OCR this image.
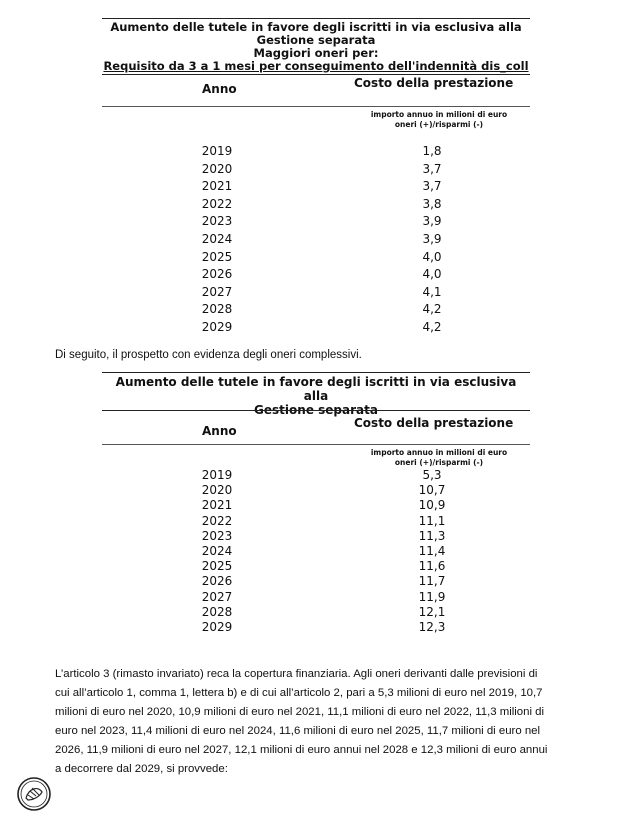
Aumento delle tutele in favore degli iscritti in via esclusiva alla
Gestione separata
Maggiori oneri per:
Requisito da 3 a 1 mesi per conseguimento dell'indennità dis_coll
Anno	Costo della prestazione
importo annuo in milioni di euro
oneri (+)/risparmi (-)
2019	1,8
2020	3,7
2021	3,7
2022	3,8
2023	3,9
2024	3,9
2025	4,0
2026	4,0
2027	4,1
2028	4,2
2029	4,2
Di seguito, il prospetto con evidenza degli oneri complessivi.
Aumento delle tutele in favore degli iscritti in via esclusiva alla
Gestione separata
Anno
Costo della prestazione
importo annuo in milioni di euro
oneri (+)/risparmi (-)
2019	5,3
2020	10,7
2021	10,9
2022	11,1
2023	11,3
2024	11,4
2025	11,6
2026	11,7
2027	11,9
2028	12,1
2029	12,3
L’articolo 3 (rimasto invariato) reca la copertura finanziaria. Agli oneri derivanti dalle previsioni di
cui all’articolo 1, comma 1, lettera b) e di cui all’articolo 2, pari a 5,3 milioni di euro nel 2019, 10,7
milioni di euro nel 2020, 10,9 milioni di euro nel 2021, 11,1 milioni di euro nel 2022, 11,3 milioni di
euro nel 2023, 11,4 milioni di euro nel 2024, 11,6 milioni di euro nel 2025, 11,7 milioni di euro nel
2026, 11,9 milioni di euro nel 2027, 12,1 milioni di euro annui nel 2028 e 12,3 milioni di euro annui
a decorrere dal 2029, si provvede:
